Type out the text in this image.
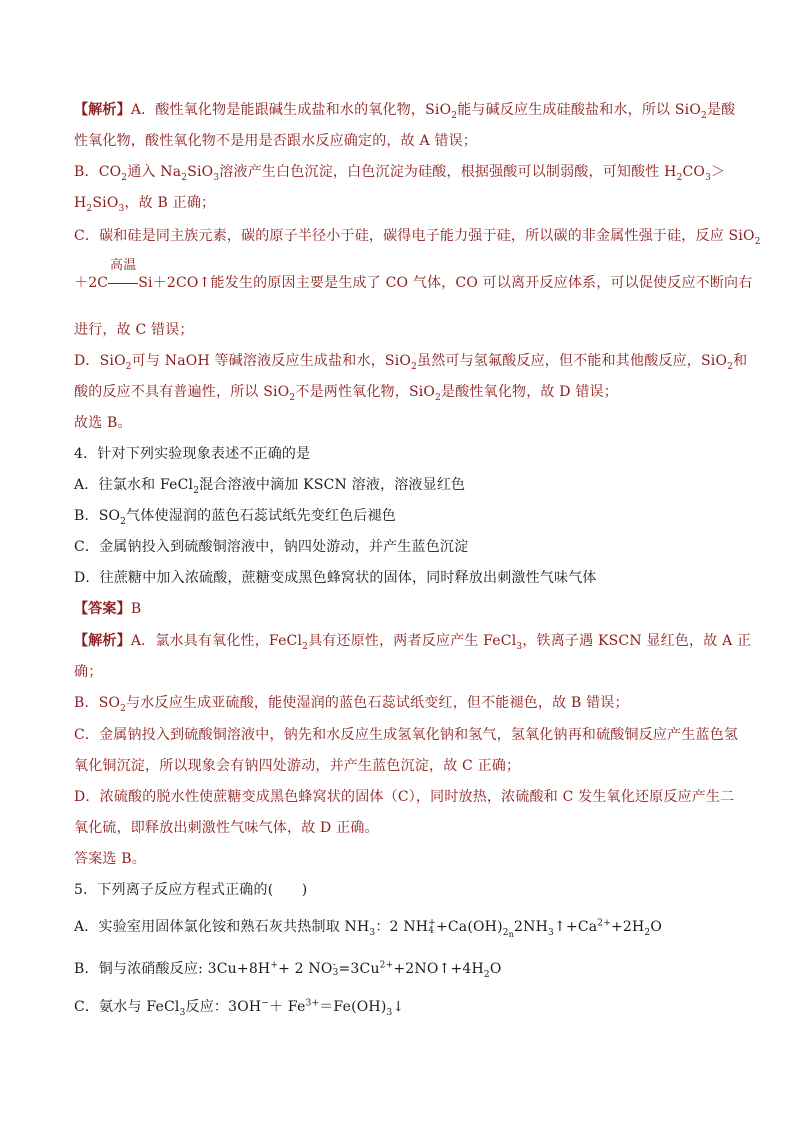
【解析】A．酸性氧化物是能跟碱生成盐和水的氧化物，SiO$_2$能与碱反应生成硅酸盐和水，所以 SiO$_2$是酸
性氧化物，酸性氧化物不是用是否跟水反应确定的，故 A 错误；
B．$CO_2$通入 $Na_2SiO_3$溶液产生白色沉淀，白色沉淀为硅酸，根据强酸可以制弱酸，可知酸性 $H_2CO_3>$
$H_2SiO_3$，故 B 正确；
C．碳和硅是同主族元素，碳的原子半径小于硅，碳得电子能力强于硅，所以碳的非金属性强于硅，反应 SiO$_2$
＋2C
高温
Si＋2CO↑能发生的原因主要是生成了 CO 气体，CO 可以离开反应体系，可以促使反应不断向右
进行，故 C 错误；
D．SiO$_2$可与 NaOH 等碱溶液反应生成盐和水，SiO$_2$虽然可与氢氟酸反应，但不能和其他酸反应，SiO$_2$和
酸的反应不具有普遍性，所以 SiO$_2$不是两性氧化物，SiO$_2$是酸性氧化物，故 D 错误；
故选 B。
4．针对下列实验现象表述不正确的是
A．往氯水和 FeCl$_2$混合溶液中滴加 KSCN 溶液，溶液显红色
B．$SO_2$气体使湿润的蓝色石蕊试纸先变红色后褪色
C．金属钠投入到硫酸铜溶液中，钠四处游动，并产生蓝色沉淀
D．往蔗糖中加入浓硫酸，蔗糖变成黑色蜂窝状的固体，同时释放出刺激性气味气体
【答案】B
【解析】A．氯水具有氧化性，FeCl$_2$具有还原性，两者反应产生 FeCl$_3$，铁离子遇 KSCN 显红色，故 A 正
确；
B．$SO_2$与水反应生成亚硫酸，能使湿润的蓝色石蕊试纸变红，但不能褪色，故 B 错误；
C．金属钠投入到硫酸铜溶液中，钠先和水反应生成氢氧化钠和氢气，氢氧化钠再和硫酸铜反应产生蓝色氢
氧化铜沉淀，所以现象会有钠四处游动，并产生蓝色沉淀，故 C 正确；
D．浓硫酸的脱水性使蔗糖变成黑色蜂窝状的固体（C），同时放热，浓硫酸和 C 发生氧化还原反应产生二
氧化硫，即释放出刺激性气味气体，故 D 正确。
答案选 B。
5．下列离子反应方程式正确的(　　)
A．实验室用固体氯化铵和熟石灰共热制取 $NH_3$：2 NH +
$4 +Ca(OH)_{2n}2NH_3↑+Ca^{2+}+2H_2O$
B．铜与浓硝酸反应: 3Cu+8H++ 2 NO -
$3 =3Cu^{2+}+2NO↑+4H_2O$
C．氨水与 FeCl$_3$反应：$3OH^-+ Fe^{3+}=Fe(OH)_3↓$
